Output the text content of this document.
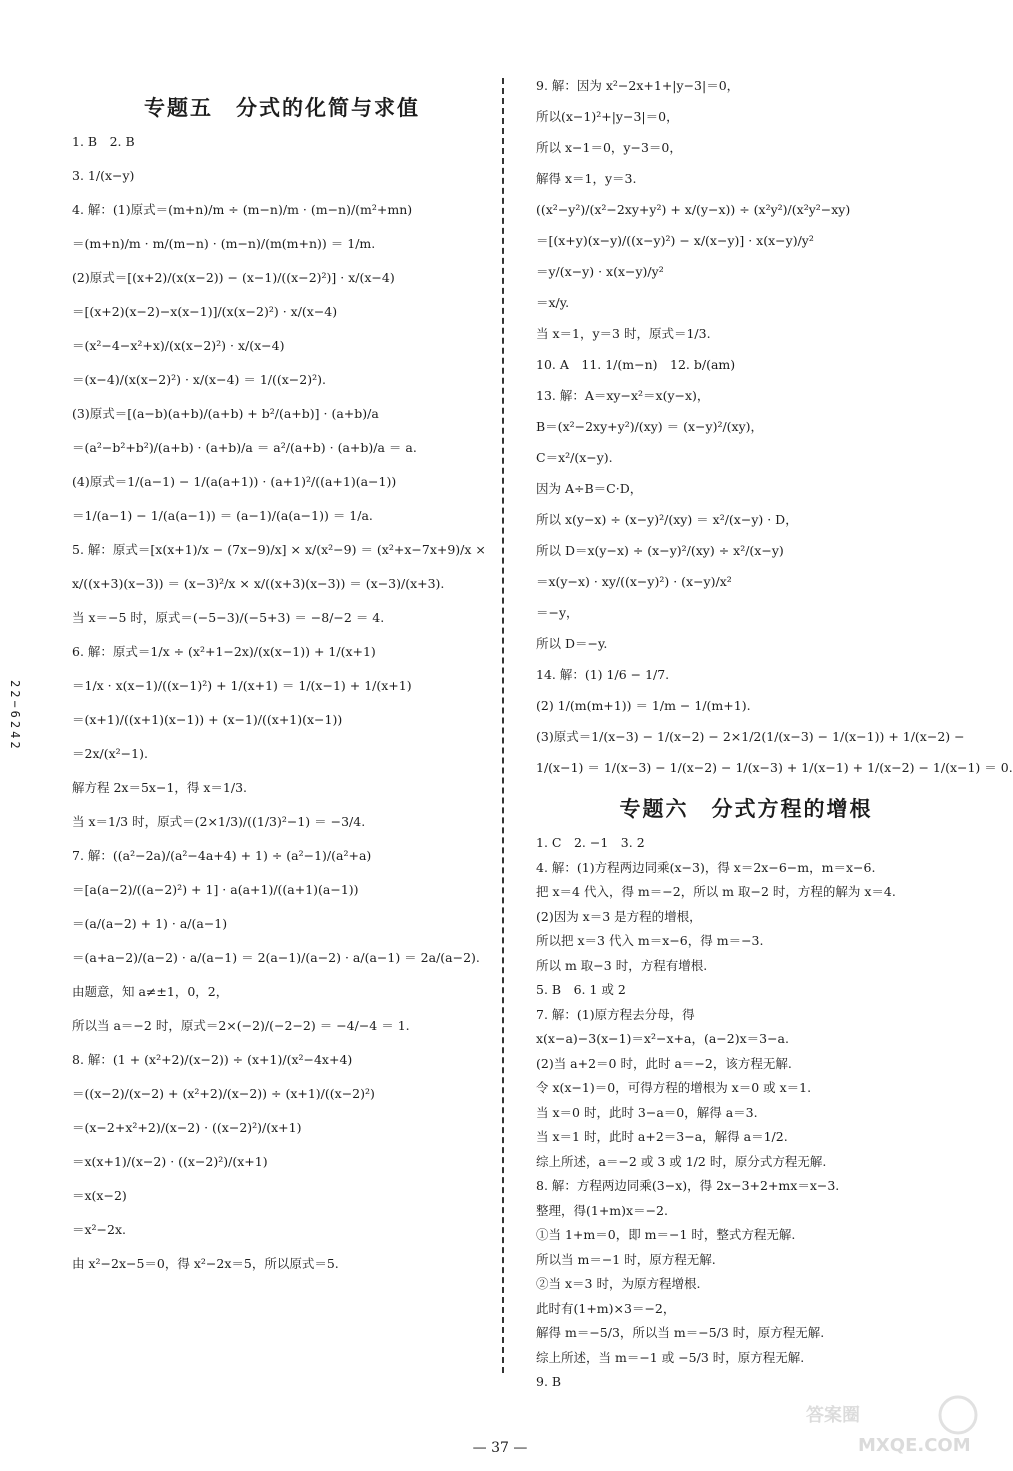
22−6242
专题五　分式的化简与求值
1. B　2. B
3. 1/(x−y)
4. 解：(1)原式＝(m+n)/m ÷ (m−n)/m · (m−n)/(m²+mn)
＝(m+n)/m · m/(m−n) · (m−n)/(m(m+n)) ＝ 1/m.
(2)原式＝[(x+2)/(x(x−2)) − (x−1)/((x−2)²)] · x/(x−4)
＝[(x+2)(x−2)−x(x−1)]/(x(x−2)²) · x/(x−4)
＝(x²−4−x²+x)/(x(x−2)²) · x/(x−4)
＝(x−4)/(x(x−2)²) · x/(x−4) ＝ 1/((x−2)²).
(3)原式＝[(a−b)(a+b)/(a+b) + b²/(a+b)] · (a+b)/a
＝(a²−b²+b²)/(a+b) · (a+b)/a ＝ a²/(a+b) · (a+b)/a ＝ a.
(4)原式＝1/(a−1) − 1/(a(a+1)) · (a+1)²/((a+1)(a−1))
＝1/(a−1) − 1/(a(a−1)) ＝ (a−1)/(a(a−1)) ＝ 1/a.
5. 解：原式＝[x(x+1)/x − (7x−9)/x] × x/(x²−9) ＝ (x²+x−7x+9)/x ×
x/((x+3)(x−3)) ＝ (x−3)²/x × x/((x+3)(x−3)) ＝ (x−3)/(x+3).
当 x＝−5 时，原式＝(−5−3)/(−5+3) ＝ −8/−2 ＝ 4.
6. 解：原式＝1/x ÷ (x²+1−2x)/(x(x−1)) + 1/(x+1)
＝1/x · x(x−1)/((x−1)²) + 1/(x+1) ＝ 1/(x−1) + 1/(x+1)
＝(x+1)/((x+1)(x−1)) + (x−1)/((x+1)(x−1))
＝2x/(x²−1).
解方程 2x＝5x−1，得 x＝1/3.
当 x＝1/3 时，原式＝(2×1/3)/((1/3)²−1) ＝ −3/4.
7. 解：((a²−2a)/(a²−4a+4) + 1) ÷ (a²−1)/(a²+a)
＝[a(a−2)/((a−2)²) + 1] · a(a+1)/((a+1)(a−1))
＝(a/(a−2) + 1) · a/(a−1)
＝(a+a−2)/(a−2) · a/(a−1) ＝ 2(a−1)/(a−2) · a/(a−1) ＝ 2a/(a−2).
由题意，知 a≠±1，0，2，
所以当 a＝−2 时，原式＝2×(−2)/(−2−2) ＝ −4/−4 ＝ 1.
8. 解：(1 + (x²+2)/(x−2)) ÷ (x+1)/(x²−4x+4)
＝((x−2)/(x−2) + (x²+2)/(x−2)) ÷ (x+1)/((x−2)²)
＝(x−2+x²+2)/(x−2) · ((x−2)²)/(x+1)
＝x(x+1)/(x−2) · ((x−2)²)/(x+1)
＝x(x−2)
＝x²−2x.
由 x²−2x−5＝0，得 x²−2x＝5，所以原式＝5.
9. 解：因为 x²−2x+1+|y−3|＝0，
所以(x−1)²+|y−3|＝0，
所以 x−1＝0，y−3＝0，
解得 x＝1，y＝3.
((x²−y²)/(x²−2xy+y²) + x/(y−x)) ÷ (x²y²)/(x²y²−xy)
＝[(x+y)(x−y)/((x−y)²) − x/(x−y)] · x(x−y)/y²
＝y/(x−y) · x(x−y)/y²
＝x/y.
当 x＝1，y＝3 时，原式＝1/3.
10. A　11. 1/(m−n)　12. b/(am)
13. 解：A＝xy−x²＝x(y−x)，
B＝(x²−2xy+y²)/(xy) ＝ (x−y)²/(xy)，
C＝x²/(x−y).
因为 A÷B＝C·D，
所以 x(y−x) ÷ (x−y)²/(xy) ＝ x²/(x−y) · D，
所以 D＝x(y−x) ÷ (x−y)²/(xy) ÷ x²/(x−y)
＝x(y−x) · xy/((x−y)²) · (x−y)/x²
＝−y，
所以 D＝−y.
14. 解：(1) 1/6 − 1/7.
(2) 1/(m(m+1)) ＝ 1/m − 1/(m+1).
(3)原式＝1/(x−3) − 1/(x−2) − 2×1/2(1/(x−3) − 1/(x−1)) + 1/(x−2) −
1/(x−1) ＝ 1/(x−3) − 1/(x−2) − 1/(x−3) + 1/(x−1) + 1/(x−2) − 1/(x−1) ＝ 0.
专题六　分式方程的增根
1. C　2. −1　3. 2
4. 解：(1)方程两边同乘(x−3)，得 x＝2x−6−m，m＝x−6.
把 x＝4 代入，得 m＝−2，所以 m 取−2 时，方程的解为 x＝4.
(2)因为 x＝3 是方程的增根，
所以把 x＝3 代入 m＝x−6，得 m＝−3.
所以 m 取−3 时，方程有增根.
5. B　6. 1 或 2
7. 解：(1)原方程去分母，得
x(x−a)−3(x−1)＝x²−x+a，(a−2)x＝3−a.
(2)当 a+2＝0 时，此时 a＝−2，该方程无解.
令 x(x−1)＝0，可得方程的增根为 x＝0 或 x＝1.
当 x＝0 时，此时 3−a＝0，解得 a＝3.
当 x＝1 时，此时 a+2＝3−a，解得 a＝1/2.
综上所述，a＝−2 或 3 或 1/2 时，原分式方程无解.
8. 解：方程两边同乘(3−x)，得 2x−3+2+mx＝x−3.
整理，得(1+m)x＝−2.
①当 1+m＝0，即 m＝−1 时，整式方程无解.
所以当 m＝−1 时，原方程无解.
②当 x＝3 时，为原方程增根.
此时有(1+m)×3＝−2，
解得 m＝−5/3，所以当 m＝−5/3 时，原方程无解.
综上所述，当 m＝−1 或 −5/3 时，原方程无解.
9. B
— 37 —
答案圈
MXQE.COM
